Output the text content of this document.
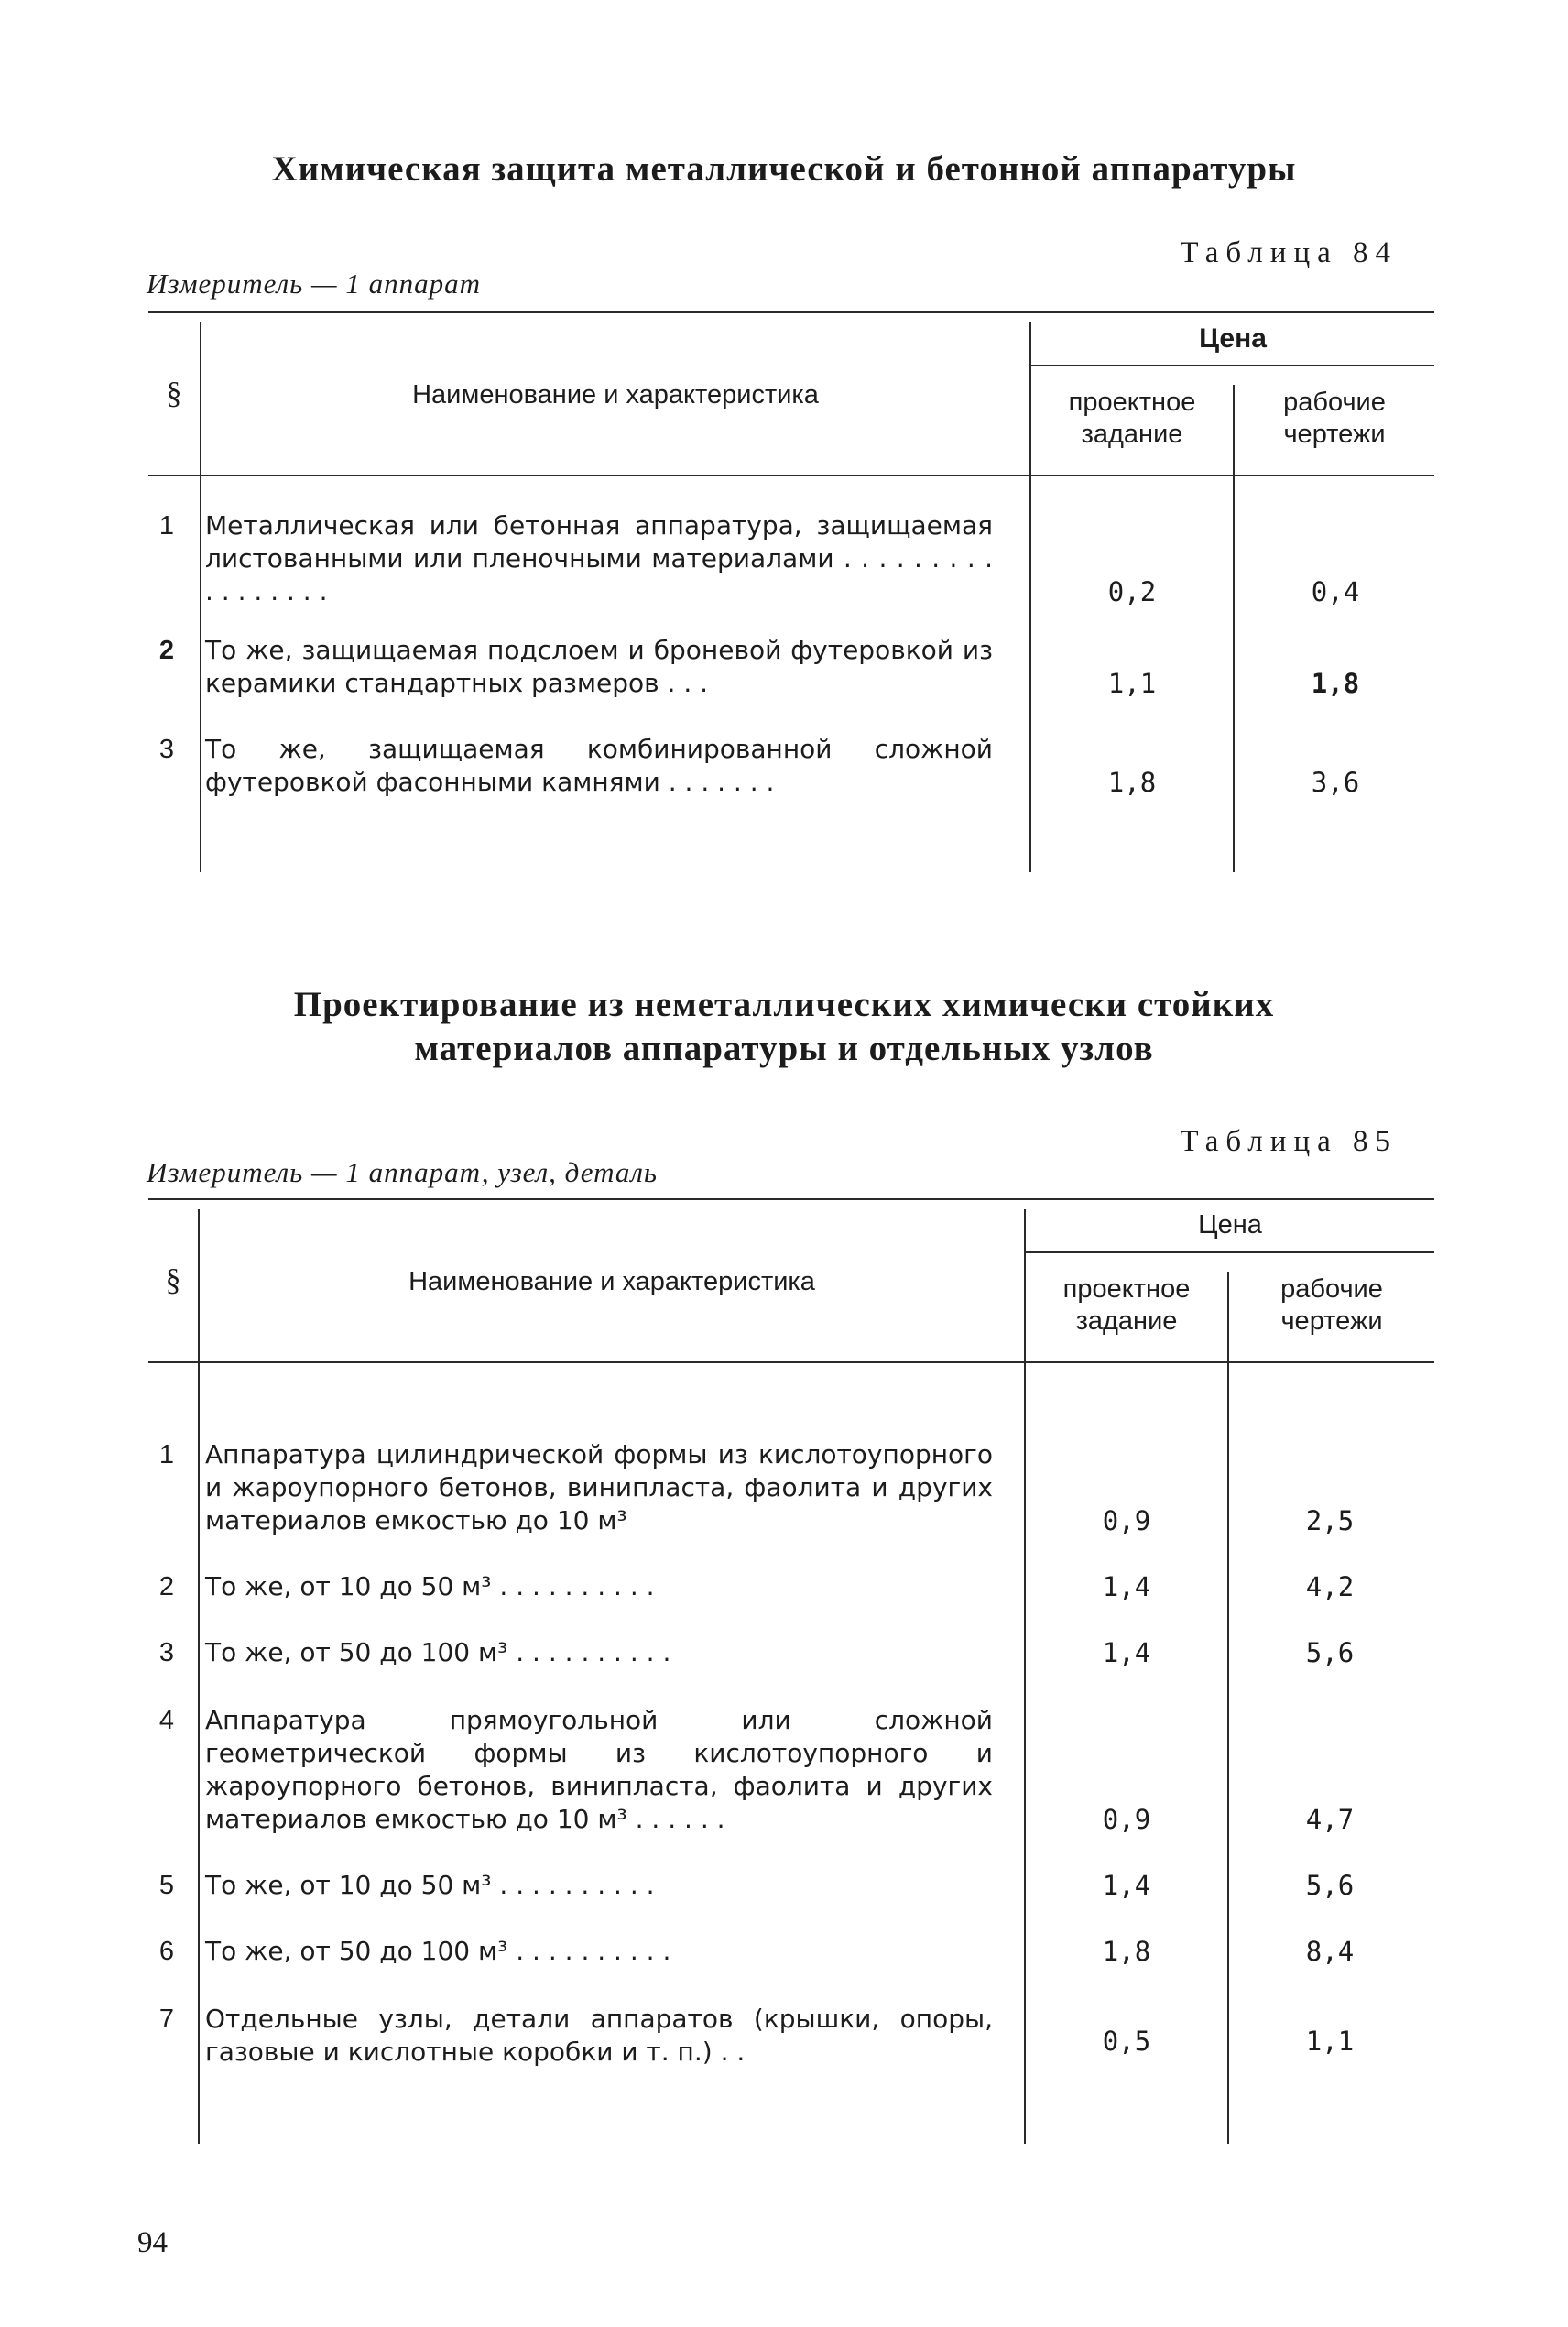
Химическая защита металлической и бетонной аппаратуры
Таблица 84
Измеритель — 1 аппарат
§	Наименование и характеристика
Цена
проектное
задание
рабочие
чертежи
1	Металлическая или бетонная аппаратура, защищаемая листованными или пленочными материалами . . . . . . . . . . . . . . . . .	0,2	0,4
2	То же, защищаемая подслоем и броневой футеровкой из керамики стандартных размеров . . .	1,1	1,8
3	То же, защищаемая комбинированной сложной футеровкой фасонными камнями . . . . . . .	1,8	3,6
Проектирование из неметаллических химически стойких
материалов аппаратуры и отдельных узлов
Таблица 85
Измеритель — 1 аппарат, узел, деталь
§	Наименование и характеристика
Цена
проектное
задание
рабочие
чертежи
1	Аппаратура цилиндрической формы из кислотоупорного и жароупорного бетонов, винипласта, фаолита и других материалов емкостью до 10 м³	0,9	2,5
2	То же, от 10 до 50 м³ . . . . . . . . . .	1,4	4,2
3	То же, от 50 до 100 м³ . . . . . . . . . .	1,4	5,6
4	Аппаратура прямоугольной или сложной геометрической формы из кислотоупорного и жароупорного бетонов, винипласта, фаолита и других материалов емкостью до 10 м³ . . . . . .	0,9	4,7
5	То же, от 10 до 50 м³ . . . . . . . . . .	1,4	5,6
6	То же, от 50 до 100 м³ . . . . . . . . . .	1,8	8,4
7	Отдельные узлы, детали аппаратов (крышки, опоры, газовые и кислотные коробки и т. п.) . .	0,5	1,1
94
